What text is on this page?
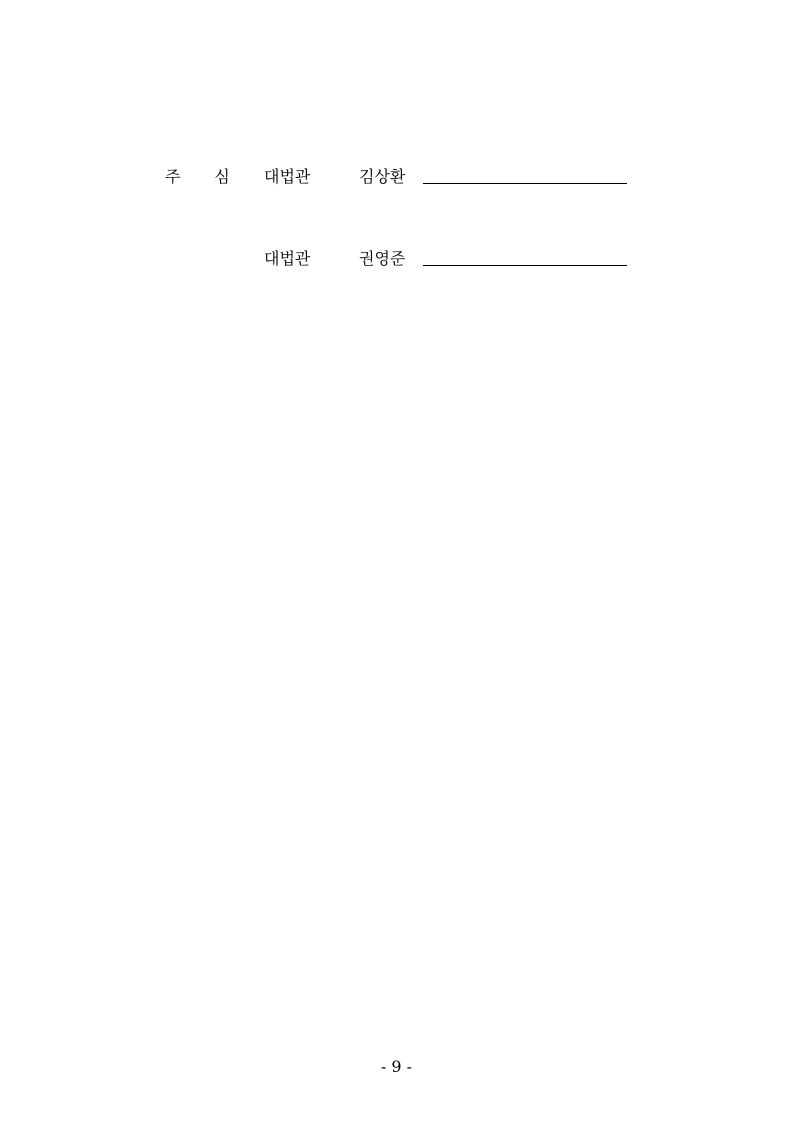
주 심 대법관	김상환
대법관	권영준
- 9 -
